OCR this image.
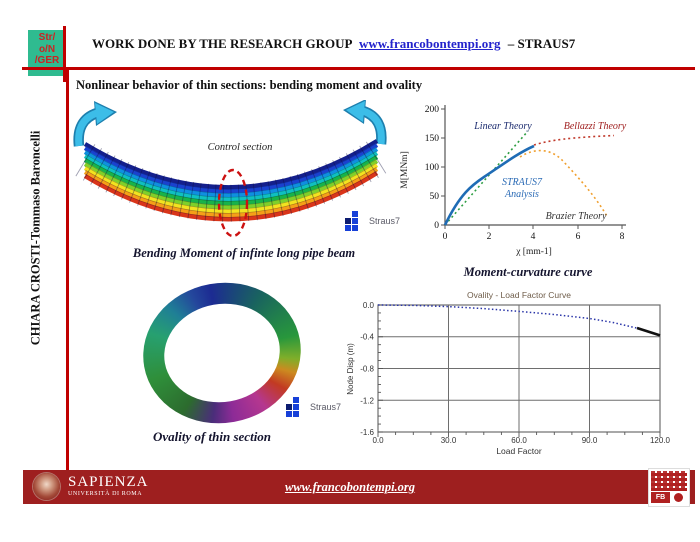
Str/
o/N
/GER
WORK DONE BY THE RESEARCH GROUP www.francobontempi.org – STRAUS7
Nonlinear behavior of thin sections: bending moment and ovality
CHIARA CROSTI-Tommaso Baroncelli	Control section
Bending Moment of infinte long pipe beam
Straus7	0
50
100
150
200
0	2	4	6	8
M[MNm]
χ [mm-1]
Linear Theory	Bellazzi Theory
STRAUS7
Analysis
Brazier Theory
Moment-curvature curve
Ovality of thin section
Straus7
Ovality - Load Factor Curve
0.0
-0.4
-0.8
-1.2
-1.6
0.0	30.0	60.0	90.0	120.0
Load Factor
Node Disp (m)
SAPIENZA
UNIVERSITÀ DI ROMA	www.francobontempi.org
FB
